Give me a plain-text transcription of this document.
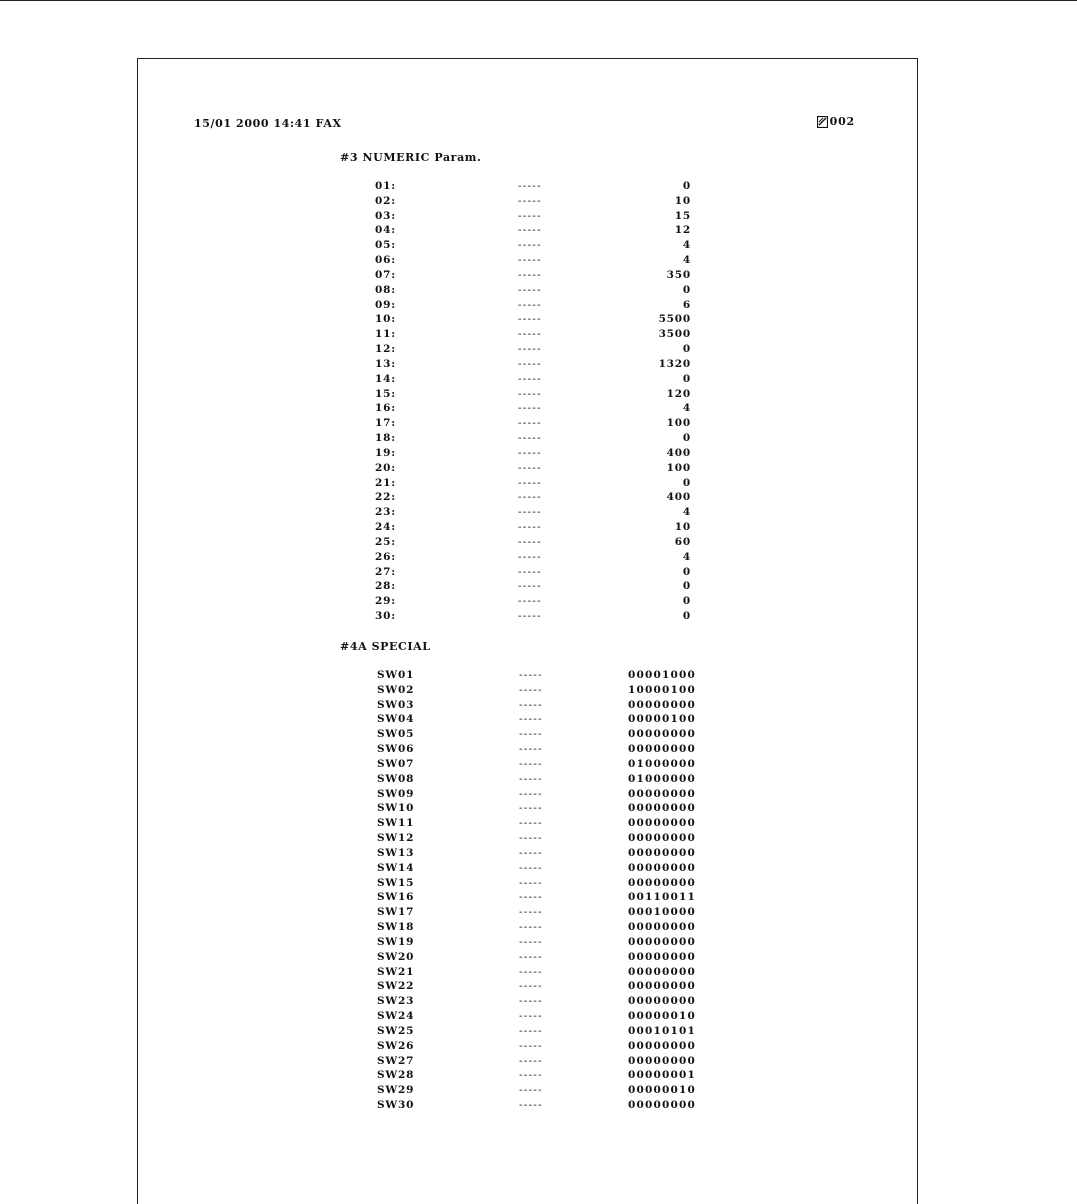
15/01 2000 14:41 FAX	002
#3 NUMERIC Param.
01:	-----	0
02:	-----	10
03:	-----	15
04:	-----	12
05:	-----	4
06:	-----	4
07:	-----	350
08:	-----	0
09:	-----	6
10:	-----	5500
11:	-----	3500
12:	-----	0
13:	-----	1320
14:	-----	0
15:	-----	120
16:	-----	4
17:	-----	100
18:	-----	0
19:	-----	400
20:	-----	100
21:	-----	0
22:	-----	400
23:	-----	4
24:	-----	10
25:	-----	60
26:	-----	4
27:	-----	0
28:	-----	0
29:	-----	0
30:	-----	0
#4A SPECIAL
SW01	-----	00001000
SW02	-----	10000100
SW03	-----	00000000
SW04	-----	00000100
SW05	-----	00000000
SW06	-----	00000000
SW07	-----	01000000
SW08	-----	01000000
SW09	-----	00000000
SW10	-----	00000000
SW11	-----	00000000
SW12	-----	00000000
SW13	-----	00000000
SW14	-----	00000000
SW15	-----	00000000
SW16	-----	00110011
SW17	-----	00010000
SW18	-----	00000000
SW19	-----	00000000
SW20	-----	00000000
SW21	-----	00000000
SW22	-----	00000000
SW23	-----	00000000
SW24	-----	00000010
SW25	-----	00010101
SW26	-----	00000000
SW27	-----	00000000
SW28	-----	00000001
SW29	-----	00000010
SW30	-----	00000000
